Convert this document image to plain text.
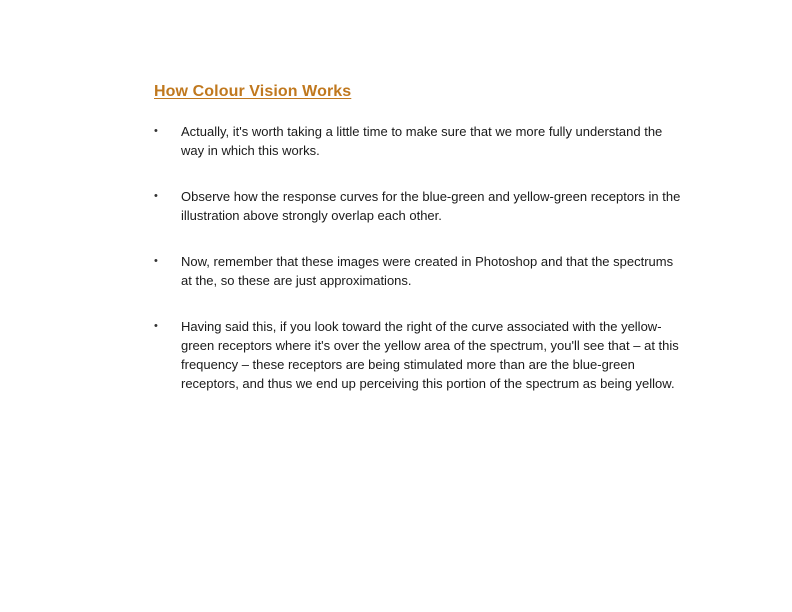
How Colour Vision Works
•	Actually, it's worth taking a little time to make sure that we more fully understand the way in which this works.
•	Observe how the response curves for the blue-green and yellow-green receptors in the illustration above strongly overlap each other.
•	Now, remember that these images were created in Photoshop and that the spectrums at the, so these are just approximations.
•	Having said this, if you look toward the right of the curve associated with the yellow-green receptors where it's over the yellow area of the spectrum, you'll see that – at this frequency – these receptors are being stimulated more than are the blue-green receptors, and thus we end up perceiving this portion of the spectrum as being yellow.
